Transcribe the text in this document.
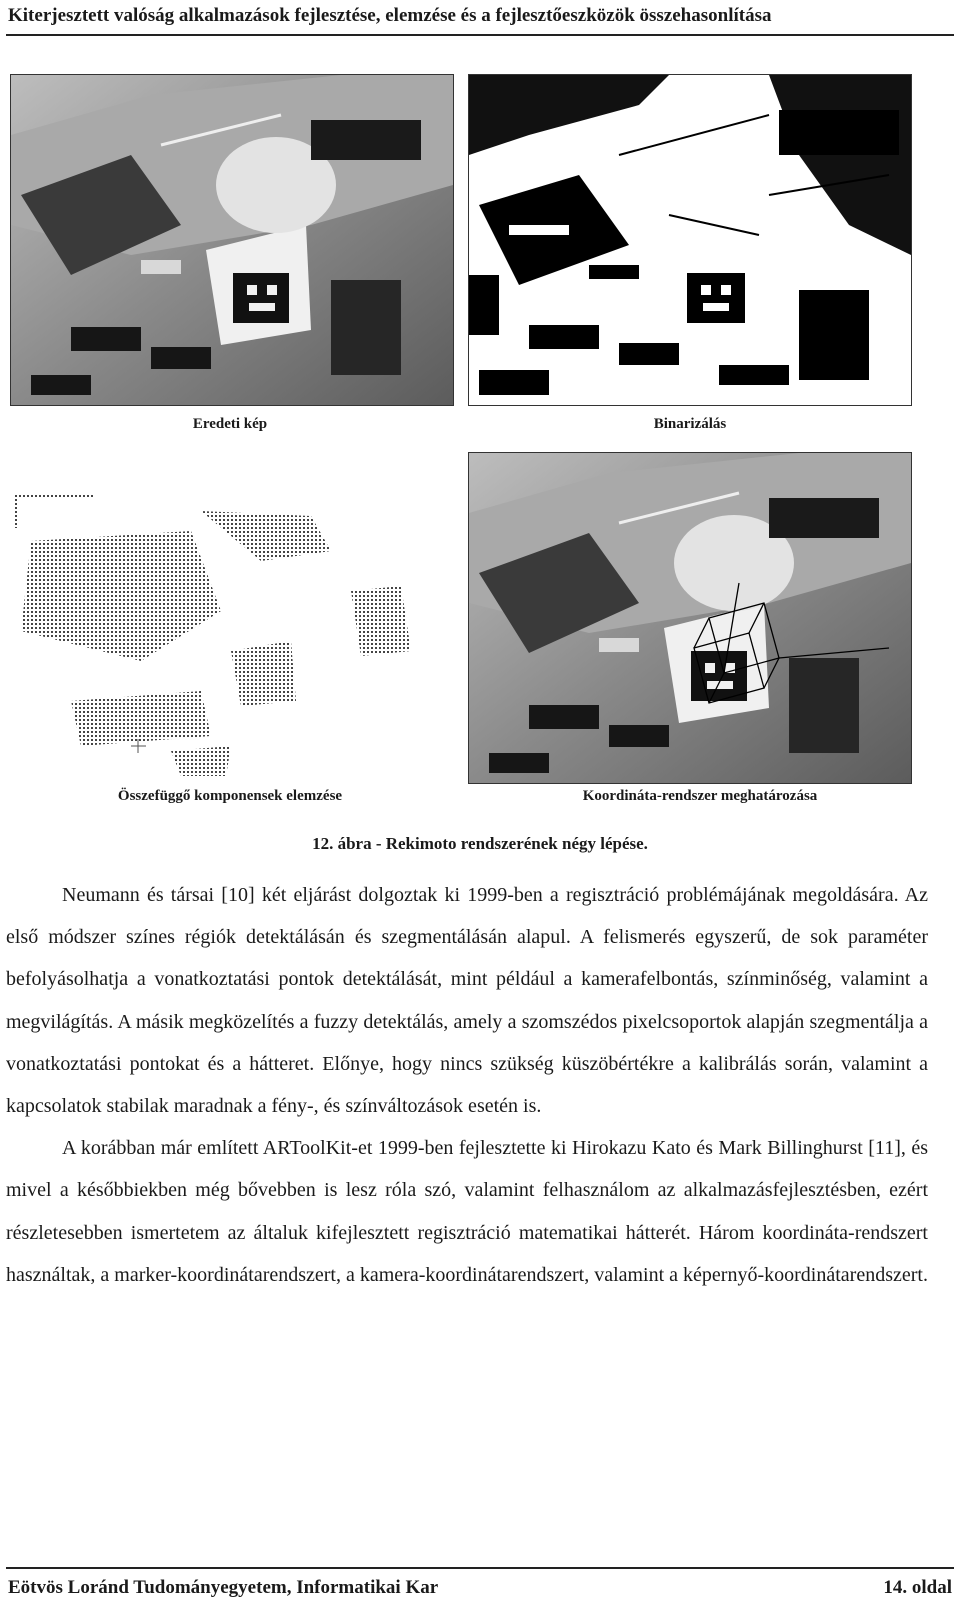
Kiterjesztett valóság alkalmazások fejlesztése, elemzése és a fejlesztőeszközök összehasonlítása
Eredeti kép	Binarizálás
Összefüggő komponensek elemzése	Koordináta-rendszer meghatározása
12. ábra - Rekimoto rendszerének négy lépése.

Neumann és társai [10] két eljárást dolgoztak ki 1999-ben a regisztráció problémájának megoldására. Az első módszer színes régiók detektálásán és szegmentálásán alapul. A felismerés egyszerű, de sok paraméter befolyásolhatja a vonatkoztatási pontok detektálását, mint például a kamerafelbontás, színminőség, valamint a megvilágítás. A másik megközelítés a fuzzy detektálás, amely a szomszédos pixelcsoportok alapján szegmentálja a vonatkoztatási pontokat és a hátteret. Előnye, hogy nincs szükség küszöbértékre a kalibrálás során, valamint a kapcsolatok stabilak maradnak a fény-, és színváltozások esetén is.

A korábban már említett ARToolKit-et 1999-ben fejlesztette ki Hirokazu Kato és Mark Billinghurst [11], és mivel a későbbiekben még bővebben is lesz róla szó, valamint felhasználom az alkalmazásfejlesztésben, ezért részletesebben ismertetem az általuk kifejlesztett regisztráció matematikai hátterét. Három koordináta-rendszert használtak, a marker-koordinátarendszert, a kamera-koordinátarendszert, valamint a képernyő-koordinátarendszert.

Eötvös Loránd Tudományegyetem, Informatikai Kar	14. oldal
